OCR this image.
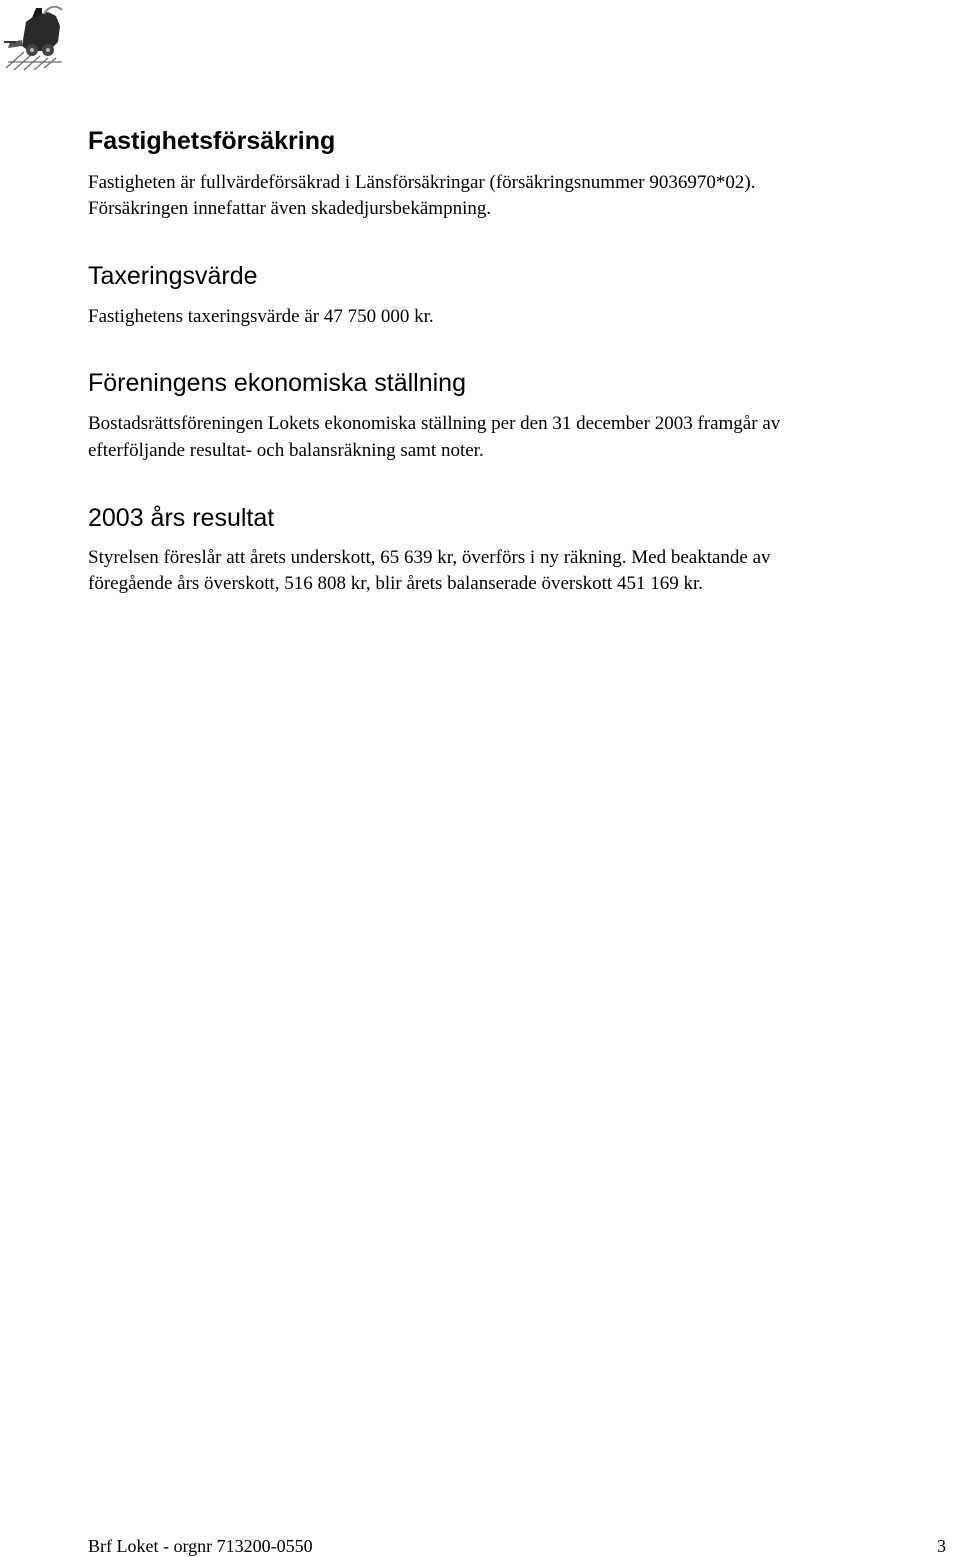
Fastighetsförsäkring

Fastigheten är fullvärdeförsäkrad i Länsförsäkringar (försäkringsnummer 9036970*02).

Försäkringen innefattar även skadedjursbekämpning.

Taxeringsvärde

Fastighetens taxeringsvärde är 47 750 000 kr.

Föreningens ekonomiska ställning

Bostadsrättsföreningen Lokets ekonomiska ställning per den 31 december 2003 framgår av

efterföljande resultat- och balansräkning samt noter.

2003 års resultat

Styrelsen föreslår att årets underskott, 65 639 kr, överförs i ny räkning. Med beaktande av

föregående års överskott, 516 808 kr, blir årets balanserade överskott 451 169 kr.

Brf Loket - orgnr 713200-0550	3
